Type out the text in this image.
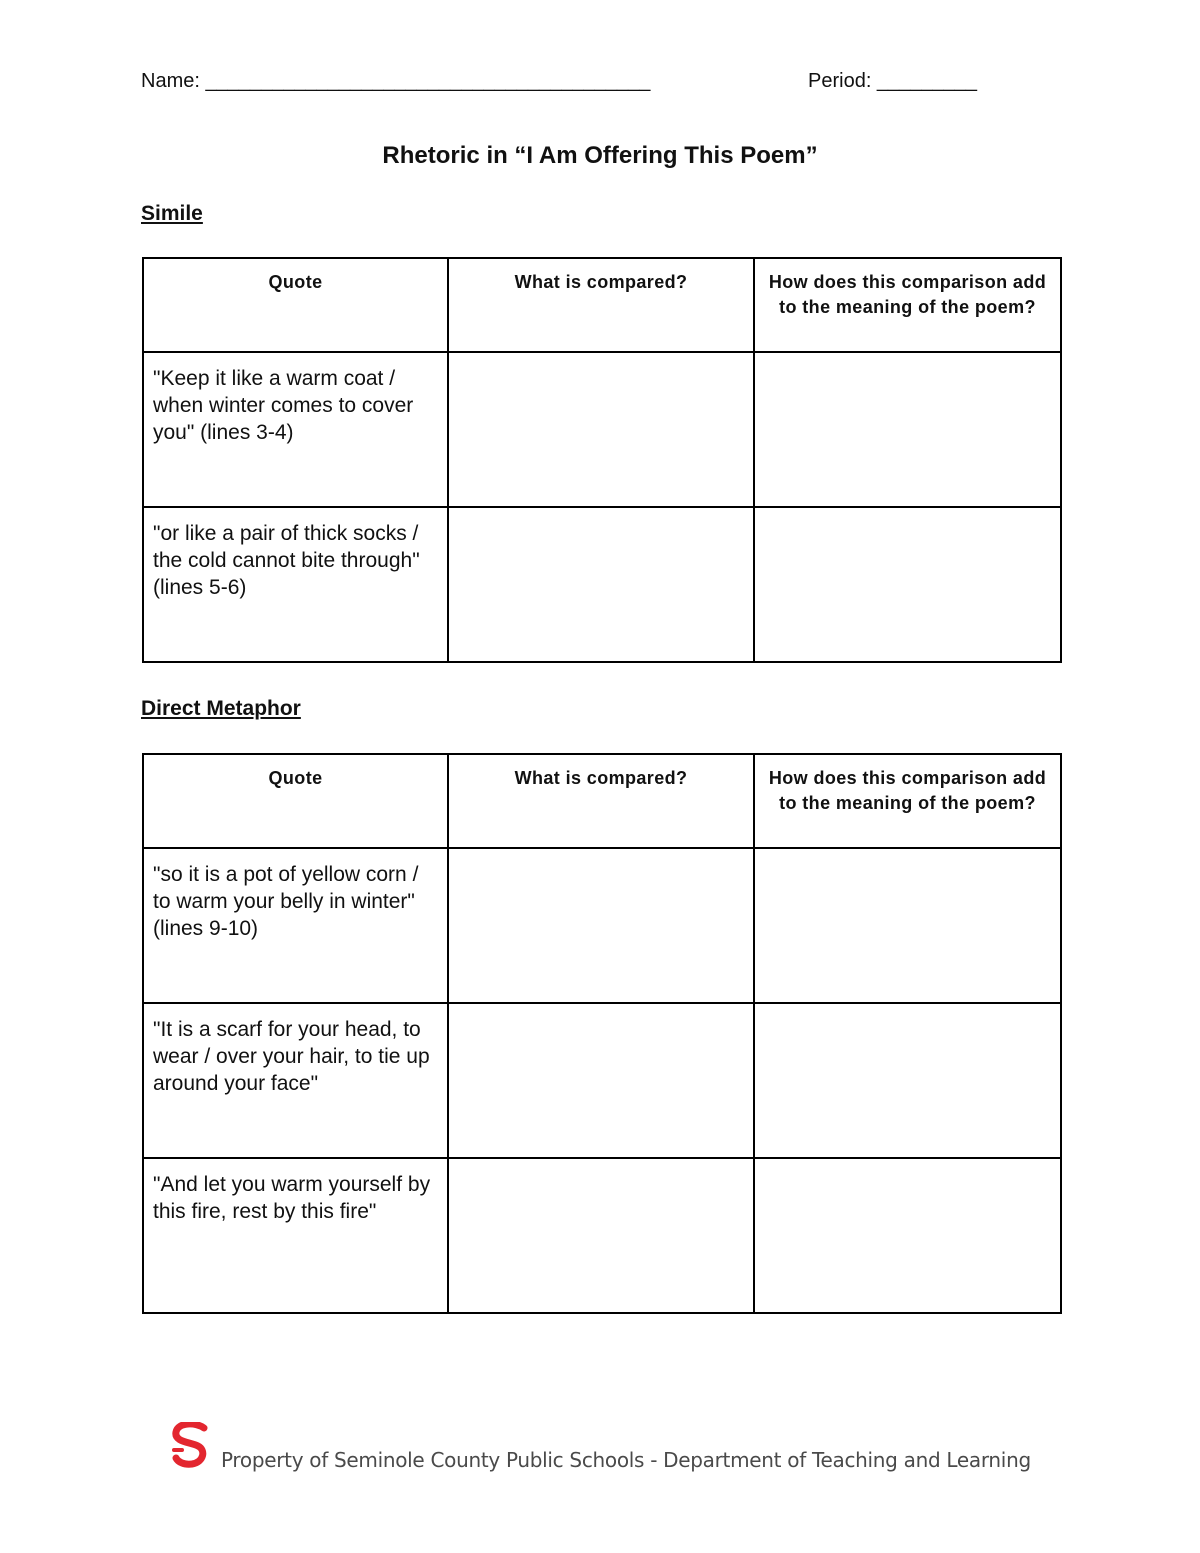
Name: ________________________________________	Period: _________
Rhetoric in “I Am Offering This Poem”
Simile
Quote	What is compared?	How does this comparison add to the meaning of the poem?

"Keep it like a warm coat / when winter comes to cover you" (lines 3-4)		
"or like a pair of thick socks / the cold cannot bite through" (lines 5-6)		
Direct Metaphor
Quote	What is compared?	How does this comparison add to the meaning of the poem?

"so it is a pot of yellow corn / to warm your belly in winter" (lines 9-10)		
"It is a scarf for your head, to wear / over your hair, to tie up around your face"		
"And let you warm yourself by this fire, rest by this fire"		
Property of Seminole County Public Schools - Department of Teaching and Learning
